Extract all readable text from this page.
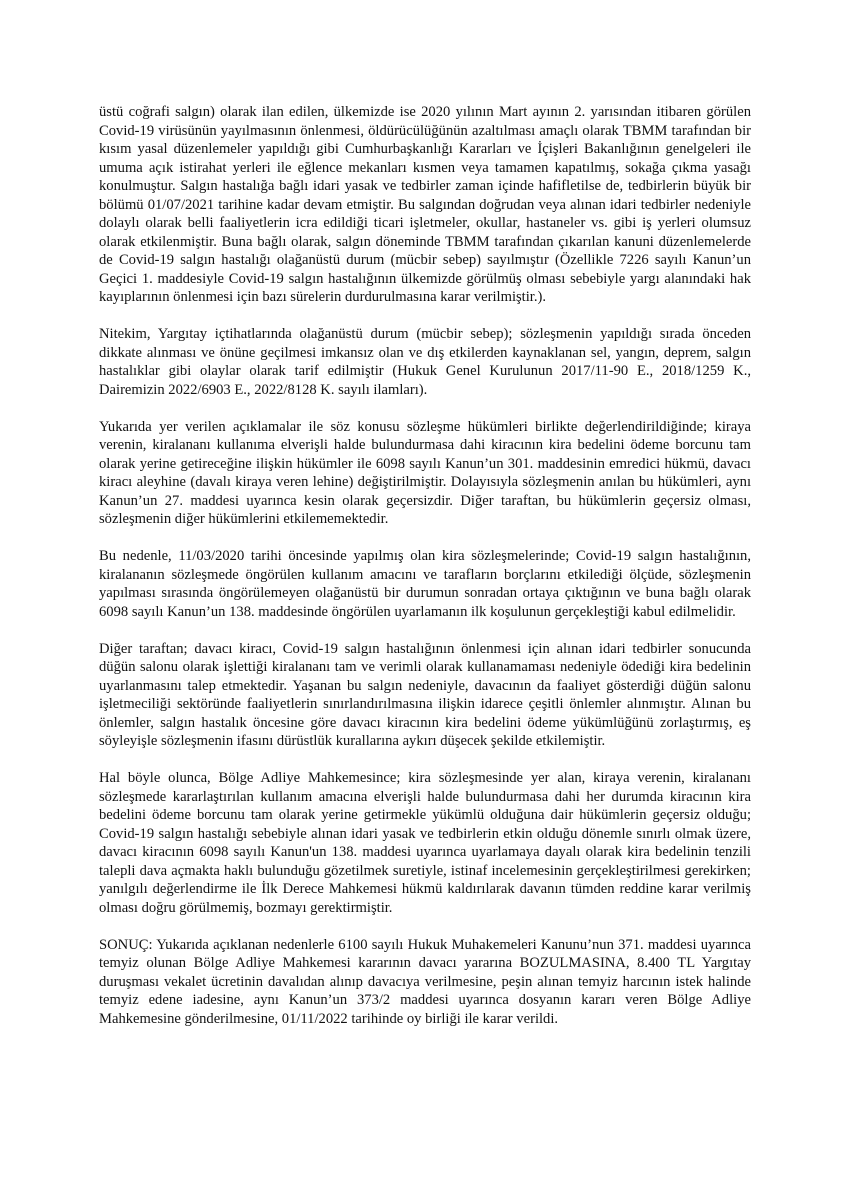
üstü coğrafi salgın) olarak ilan edilen, ülkemizde ise 2020 yılının Mart ayının 2. yarısından itibaren görülen Covid-19 virüsünün yayılmasının önlenmesi, öldürücülüğünün azaltılması amaçlı olarak TBMM tarafından bir kısım yasal düzenlemeler yapıldığı gibi Cumhurbaşkanlığı Kararları ve İçişleri Bakanlığının genelgeleri ile umuma açık istirahat yerleri ile eğlence mekanları kısmen veya tamamen kapatılmış, sokağa çıkma yasağı konulmuştur. Salgın hastalığa bağlı idari yasak ve tedbirler zaman içinde hafifletilse de, tedbirlerin büyük bir bölümü 01/07/2021 tarihine kadar devam etmiştir. Bu salgından doğrudan veya alınan idari tedbirler nedeniyle dolaylı olarak belli faaliyetlerin icra edildiği ticari işletmeler, okullar, hastaneler vs. gibi iş yerleri olumsuz olarak etkilenmiştir. Buna bağlı olarak, salgın döneminde TBMM tarafından çıkarılan kanuni düzenlemelerde de Covid-19 salgın hastalığı olağanüstü durum (mücbir sebep) sayılmıştır (Özellikle 7226 sayılı Kanun’un Geçici 1. maddesiyle Covid-19 salgın hastalığının ülkemizde görülmüş olması sebebiyle yargı alanındaki hak kayıplarının önlenmesi için bazı sürelerin durdurulmasına karar verilmiştir.).

Nitekim, Yargıtay içtihatlarında olağanüstü durum (mücbir sebep); sözleşmenin yapıldığı sırada önceden dikkate alınması ve önüne geçilmesi imkansız olan ve dış etkilerden kaynaklanan sel, yangın, deprem, salgın hastalıklar gibi olaylar olarak tarif edilmiştir (Hukuk Genel Kurulunun 2017/11-90 E., 2018/1259 K., Dairemizin 2022/6903 E., 2022/8128 K. sayılı ilamları).

Yukarıda yer verilen açıklamalar ile söz konusu sözleşme hükümleri birlikte değerlendirildiğinde; kiraya verenin, kiralananı kullanıma elverişli halde bulundurmasa dahi kiracının kira bedelini ödeme borcunu tam olarak yerine getireceğine ilişkin hükümler ile 6098 sayılı Kanun’un 301. maddesinin emredici hükmü, davacı kiracı aleyhine (davalı kiraya veren lehine) değiştirilmiştir. Dolayısıyla sözleşmenin anılan bu hükümleri, aynı Kanun’un 27. maddesi uyarınca kesin olarak geçersizdir. Diğer taraftan, bu hükümlerin geçersiz olması, sözleşmenin diğer hükümlerini etkilememektedir.

Bu nedenle, 11/03/2020 tarihi öncesinde yapılmış olan kira sözleşmelerinde; Covid-19 salgın hastalığının, kiralananın sözleşmede öngörülen kullanım amacını ve tarafların borçlarını etkilediği ölçüde, sözleşmenin yapılması sırasında öngörülemeyen olağanüstü bir durumun sonradan ortaya çıktığının ve buna bağlı olarak 6098 sayılı Kanun’un 138. maddesinde öngörülen uyarlamanın ilk koşulunun gerçekleştiği kabul edilmelidir.

Diğer taraftan; davacı kiracı, Covid-19 salgın hastalığının önlenmesi için alınan idari tedbirler sonucunda düğün salonu olarak işlettiği kiralananı tam ve verimli olarak kullanamaması nedeniyle ödediği kira bedelinin uyarlanmasını talep etmektedir. Yaşanan bu salgın nedeniyle, davacının da faaliyet gösterdiği düğün salonu işletmeciliği sektöründe faaliyetlerin sınırlandırılmasına ilişkin idarece çeşitli önlemler alınmıştır. Alınan bu önlemler, salgın hastalık öncesine göre davacı kiracının kira bedelini ödeme yükümlüğünü zorlaştırmış, eş söyleyişle sözleşmenin ifasını dürüstlük kurallarına aykırı düşecek şekilde etkilemiştir.

Hal böyle olunca, Bölge Adliye Mahkemesince; kira sözleşmesinde yer alan, kiraya verenin, kiralananı sözleşmede kararlaştırılan kullanım amacına elverişli halde bulundurmasa dahi her durumda kiracının kira bedelini ödeme borcunu tam olarak yerine getirmekle yükümlü olduğuna dair hükümlerin geçersiz olduğu; Covid-19 salgın hastalığı sebebiyle alınan idari yasak ve tedbirlerin etkin olduğu dönemle sınırlı olmak üzere, davacı kiracının 6098 sayılı Kanun'un 138. maddesi uyarınca uyarlamaya dayalı olarak kira bedelinin tenzili talepli dava açmakta haklı bulunduğu gözetilmek suretiyle, istinaf incelemesinin gerçekleştirilmesi gerekirken; yanılgılı değerlendirme ile İlk Derece Mahkemesi hükmü kaldırılarak davanın tümden reddine karar verilmiş olması doğru görülmemiş, bozmayı gerektirmiştir.

SONUÇ: Yukarıda açıklanan nedenlerle 6100 sayılı Hukuk Muhakemeleri Kanunu’nun 371. maddesi uyarınca temyiz olunan Bölge Adliye Mahkemesi kararının davacı yararına BOZULMASINA, 8.400 TL Yargıtay duruşması vekalet ücretinin davalıdan alınıp davacıya verilmesine, peşin alınan temyiz harcının istek halinde temyiz edene iadesine, aynı Kanun’un 373/2 maddesi uyarınca dosyanın kararı veren Bölge Adliye Mahkemesine gönderilmesine, 01/11/2022 tarihinde oy birliği ile karar verildi.
